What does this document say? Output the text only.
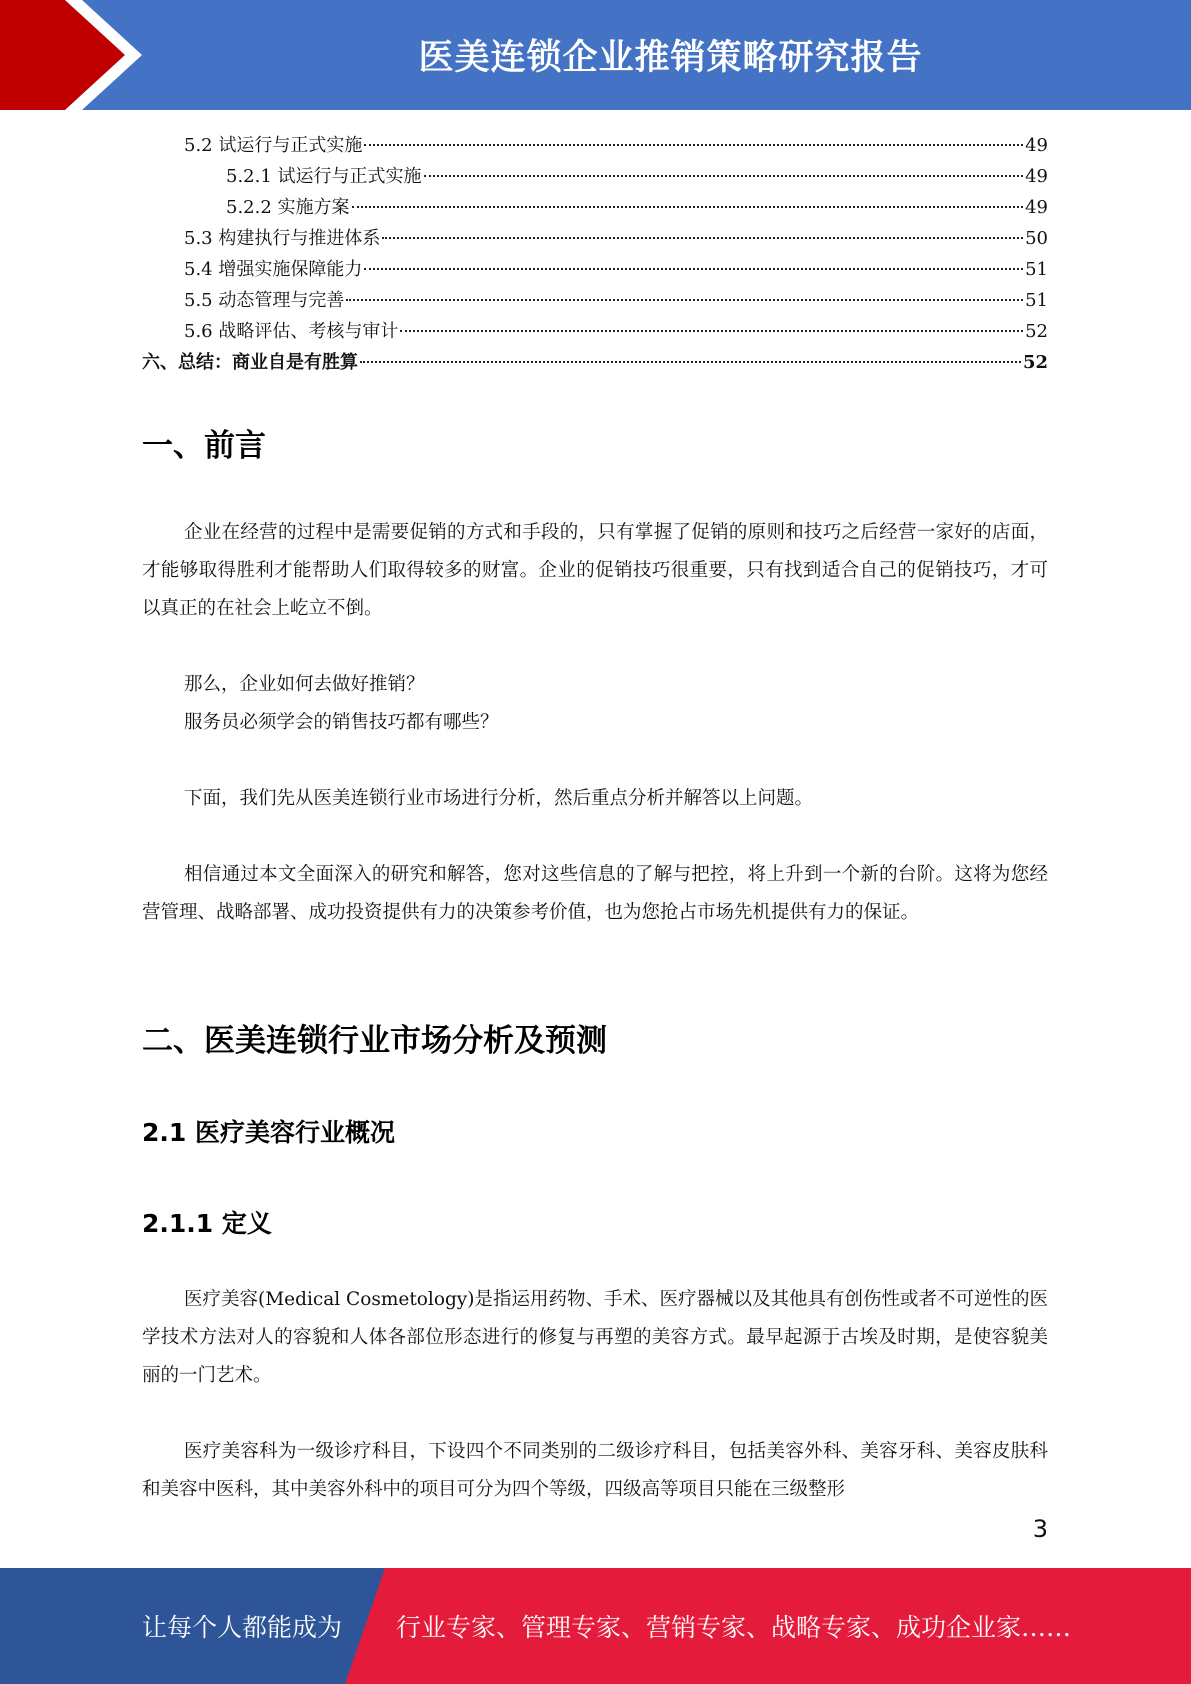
医美连锁企业推销策略研究报告
5.2 试运行与正式实施	49
5.2.1 试运行与正式实施	49
5.2.2 实施方案	49
5.3 构建执行与推进体系	50
5.4 增强实施保障能力	51
5.5 动态管理与完善	51
5.6 战略评估、考核与审计	52
六、总结：商业自是有胜算	52
一、前言
企业在经营的过程中是需要促销的方式和手段的，只有掌握了促销的原则和技巧之后经营一家好的店面，才能够取得胜利才能帮助人们取得较多的财富。企业的促销技巧很重要，只有找到适合自己的促销技巧，才可以真正的在社会上屹立不倒。
那么，企业如何去做好推销？
服务员必须学会的销售技巧都有哪些？
下面，我们先从医美连锁行业市场进行分析，然后重点分析并解答以上问题。
相信通过本文全面深入的研究和解答，您对这些信息的了解与把控，将上升到一个新的台阶。这将为您经营管理、战略部署、成功投资提供有力的决策参考价值，也为您抢占市场先机提供有力的保证。
二、医美连锁行业市场分析及预测
2.1 医疗美容行业概况
2.1.1 定义
医疗美容(Medical Cosmetology)是指运用药物、手术、医疗器械以及其他具有创伤性或者不可逆性的医学技术方法对人的容貌和人体各部位形态进行的修复与再塑的美容方式。最早起源于古埃及时期，是使容貌美丽的一门艺术。
医疗美容科为一级诊疗科目，下设四个不同类别的二级诊疗科目，包括美容外科、美容牙科、美容皮肤科和美容中医科，其中美容外科中的项目可分为四个等级，四级高等项目只能在三级整形
3
让每个人都能成为 行业专家、管理专家、营销专家、战略专家、成功企业家……
